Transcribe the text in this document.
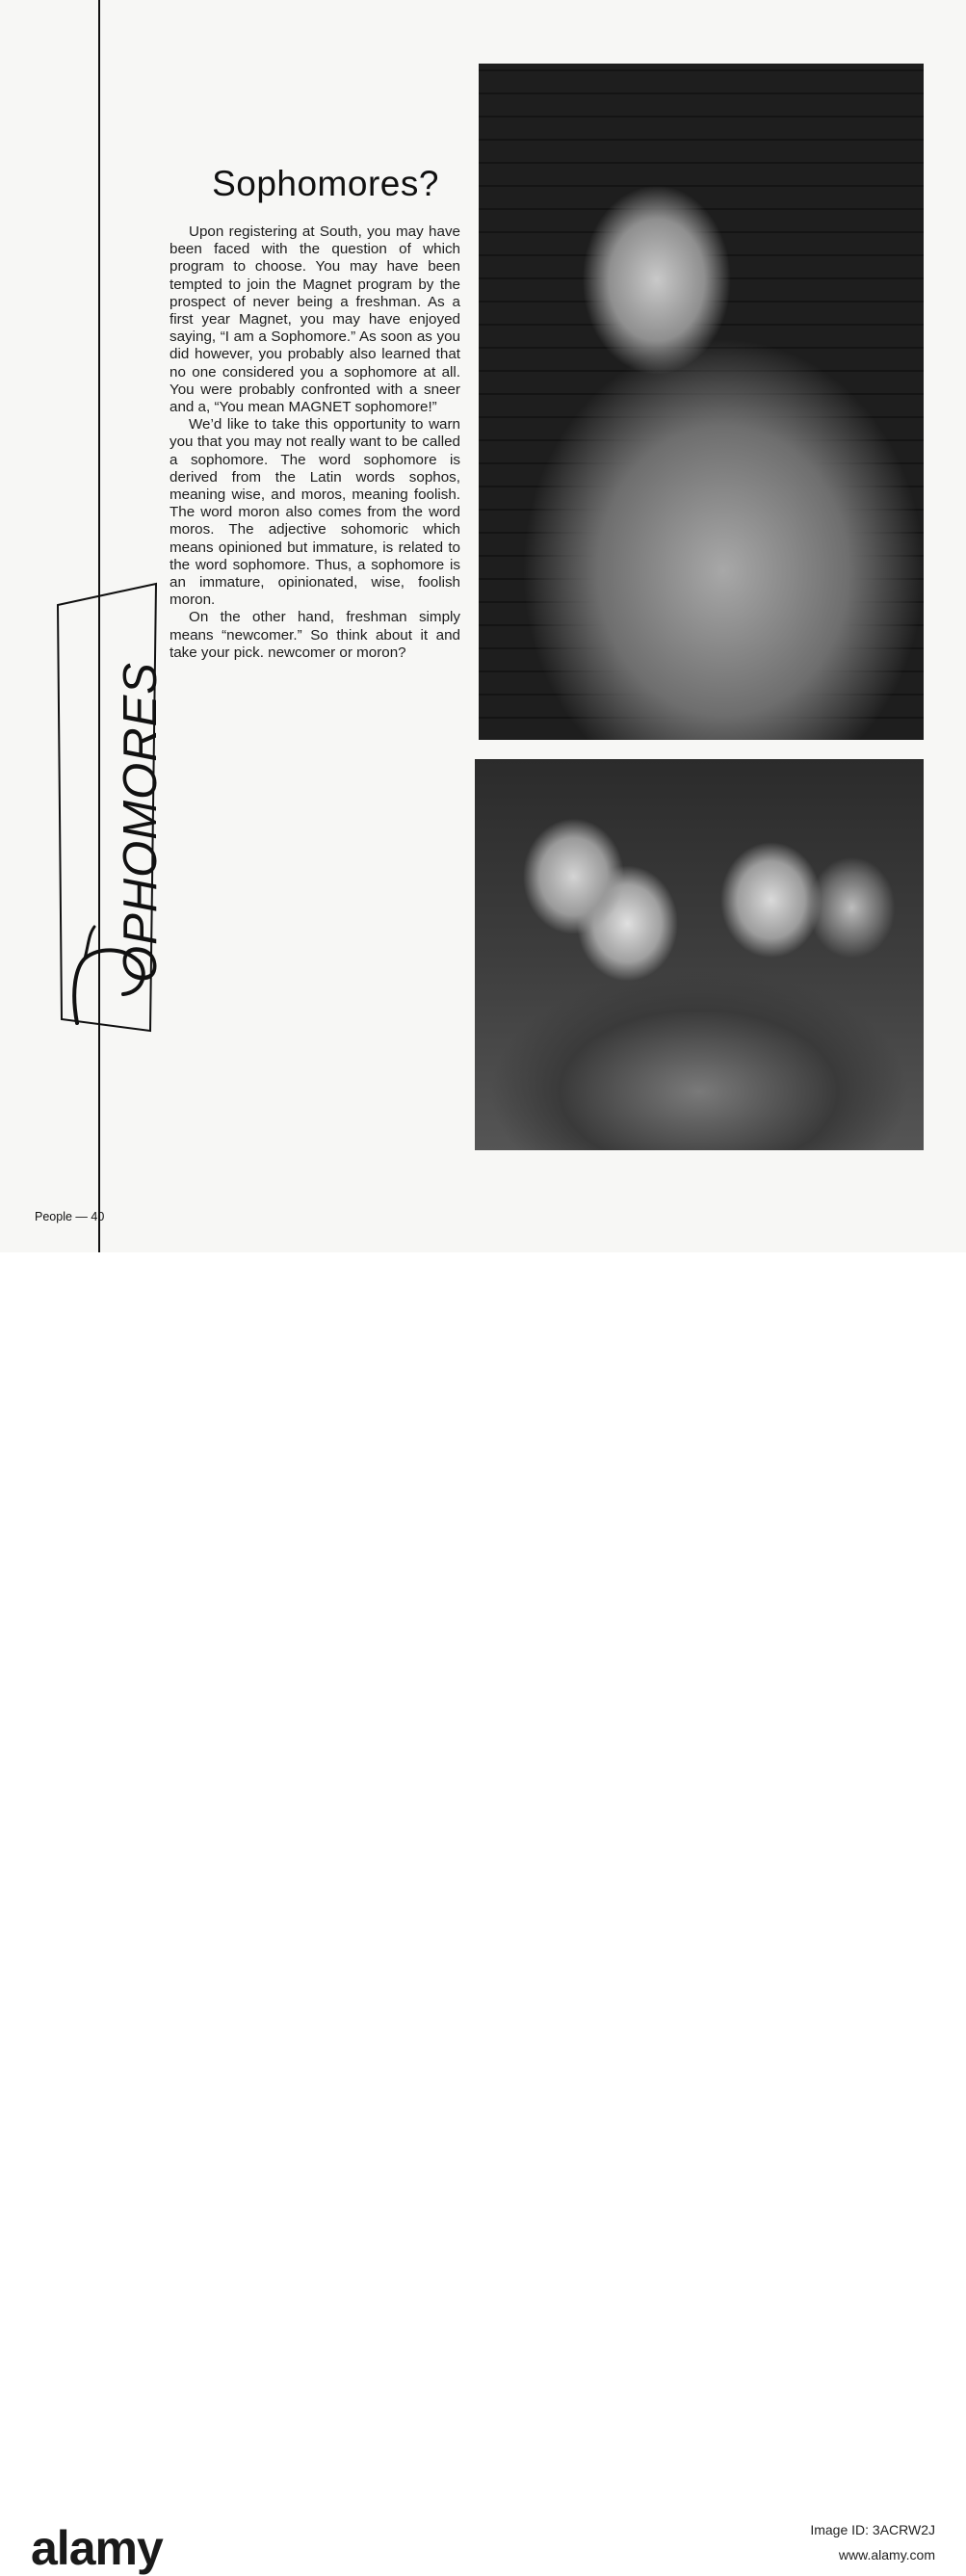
Sophomores?

Upon registering at South, you may have been faced with the question of which program to choose. You may have been tempted to join the Magnet program by the prospect of never being a freshman. As a first year Magnet, you may have enjoyed saying, “I am a Sophomore.” As soon as you did however, you probably also learned that no one considered you a sophomore at all. You were probably confronted with a sneer and a, “You mean MAGNET sophomore!”

We’d like to take this opportunity to warn you that you may not really want to be called a sophomore. The word sophomore is derived from the Latin words sophos, meaning wise, and moros, meaning foolish. The word moron also comes from the word moros. The adjective sohomoric which means opinioned but immature, is related to the word sophomore. Thus, a sophomore is an immature, opinionated, wise, foolish moron.

On the other hand, freshman simply means “newcomer.” So think about it and take your pick. newcomer or moron?

OPHOMORES
People — 40
alamy	Image ID: 3ACRW2J
www.alamy.com
